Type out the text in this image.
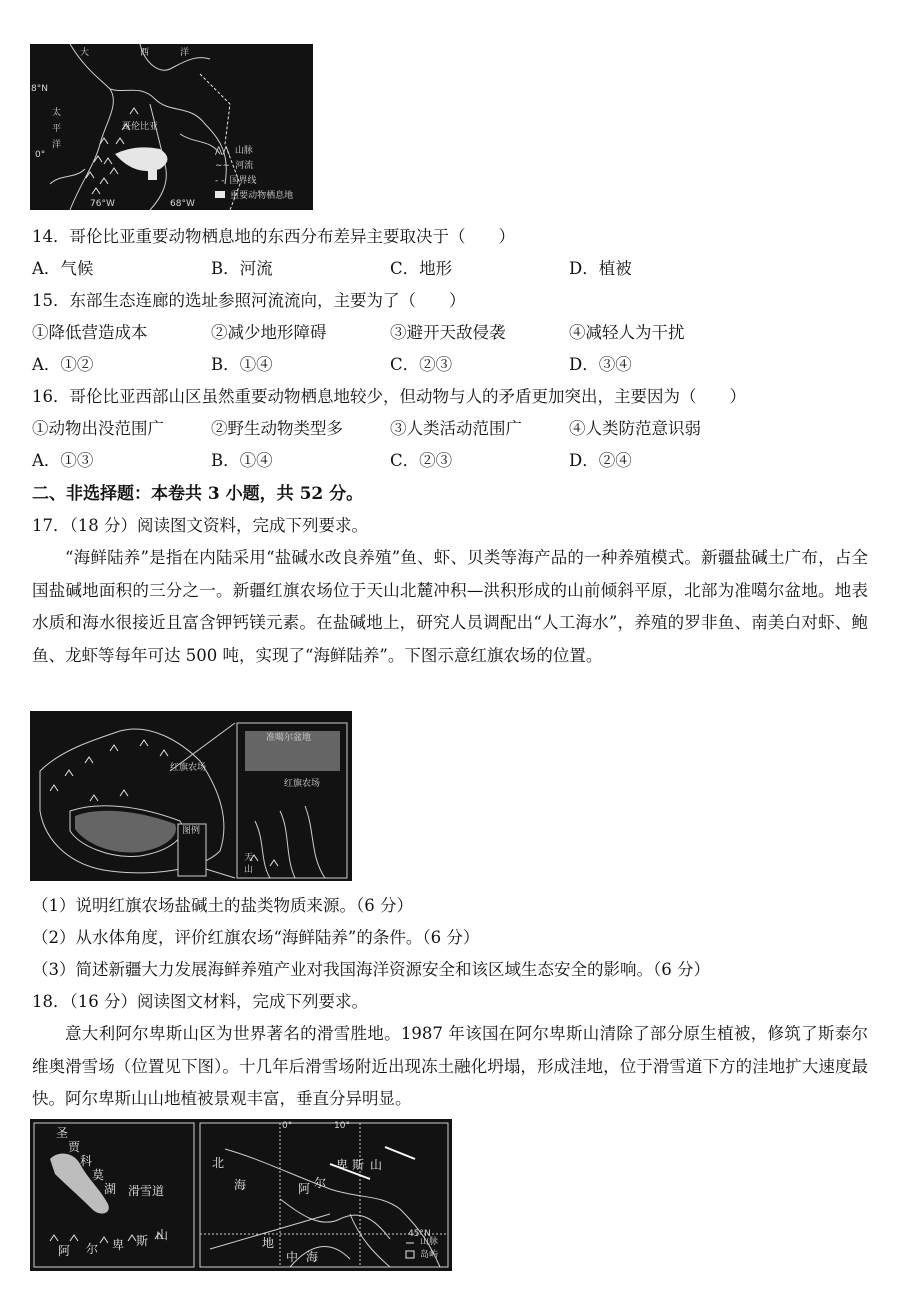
大	西	洋
8°N
太
平
洋
0°
哥伦比亚
76°W	68°W
⋀⋀ 山脉
∼∼ 河流
- - 国界线
重要动物栖息地
14．哥伦比亚重要动物栖息地的东西分布差异主要取决于（　　）
A．气候	B．河流	C．地形	D．植被
15．东部生态连廊的选址参照河流流向，主要为了（　　）
①降低营造成本	②减少地形障碍	③避开天敌侵袭	④减轻人为干扰
A．①②	B．①④	C．②③	D．③④
16．哥伦比亚西部山区虽然重要动物栖息地较少，但动物与人的矛盾更加突出，主要因为（　　）
①动物出没范围广	②野生动物类型多	③人类活动范围广	④人类防范意识弱
A．①③	B．①④	C．②③	D．②④
二、非选择题：本卷共 3 小题，共 52 分。
17．（18 分）阅读图文资料，完成下列要求。
“海鲜陆养”是指在内陆采用“盐碱水改良养殖”鱼、虾、贝类等海产品的一种养殖模式。新疆盐碱土广布，占全国盐碱地面积的三分之一。新疆红旗农场位于天山北麓冲积—洪积形成的山前倾斜平原，北部为准噶尔盆地。地表水质和海水很接近且富含钾钙镁元素。在盐碱地上，研究人员调配出“人工海水”，养殖的罗非鱼、南美白对虾、鲍鱼、龙虾等每年可达 500 吨，实现了“海鲜陆养”。下图示意红旗农场的位置。
红旗农场
准噶尔盆地
红旗农场
天
山
图例
（1）说明红旗农场盐碱土的盐类物质来源。（6 分）
（2）从水体角度，评价红旗农场“海鲜陆养”的条件。（6 分）
（3）简述新疆大力发展海鲜养殖产业对我国海洋资源安全和该区域生态安全的影响。（6 分）
18．（16 分）阅读图文材料，完成下列要求。
意大利阿尔卑斯山区为世界著名的滑雪胜地。1987 年该国在阿尔卑斯山清除了部分原生植被，修筑了斯泰尔维奥滑雪场（位置见下图）。十几年后滑雪场附近出现冻土融化坍塌，形成洼地，位于滑雪道下方的洼地扩大速度最快。阿尔卑斯山山地植被景观丰富，垂直分异明显。
圣
贾
科
莫
湖 滑雪道
阿 尔 卑 斯 山
0°	10°
北
海	阿 尔
卑 斯 山
45°N
地
中 海
山脉
岛屿
